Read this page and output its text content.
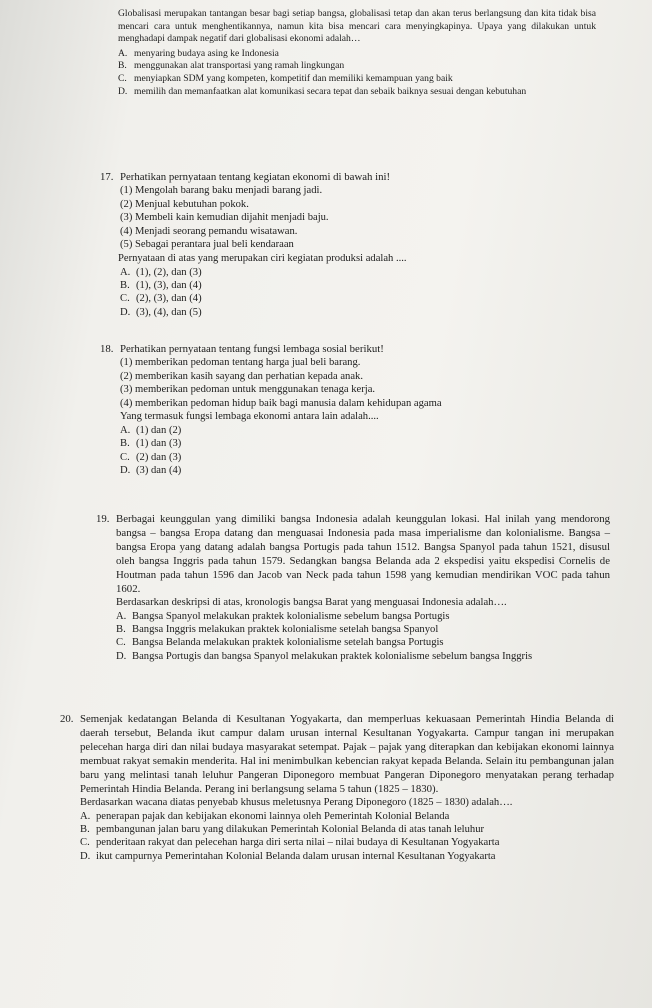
Globalisasi merupakan tantangan besar bagi setiap bangsa, globalisasi tetap dan akan terus berlangsung dan kita tidak bisa mencari cara untuk menghentikannya, namun kita bisa mencari cara menyingkapinya. Upaya yang dilakukan untuk menghadapi dampak negatif dari globalisasi ekonomi adalah…

A. menyaring budaya asing ke Indonesia
B. menggunakan alat transportasi yang ramah lingkungan
C. menyiapkan SDM yang kompeten, kompetitif dan memiliki kemampuan yang baik
D. memilih dan memanfaatkan alat komunikasi secara tepat dan sebaik baiknya sesuai dengan kebutuhan
17. Perhatikan pernyataan tentang kegiatan ekonomi di bawah ini!

(1) Mengolah barang baku menjadi barang jadi.

(2) Menjual kebutuhan pokok.

(3) Membeli kain kemudian dijahit menjadi baju.

(4) Menjadi seorang pemandu wisatawan.

(5) Sebagai perantara jual beli kendaraan

Pernyataan di atas yang merupakan ciri kegiatan produksi adalah ....

A. (1), (2), dan (3)
B. (1), (3), dan (4)
C. (2), (3), dan (4)
D. (3), (4), dan (5)
18. Perhatikan pernyataan tentang fungsi lembaga sosial berikut!

(1) memberikan pedoman tentang harga jual beli barang.

(2) memberikan kasih sayang dan perhatian kepada anak.

(3) memberikan pedoman untuk menggunakan tenaga kerja.

(4) memberikan pedoman hidup baik bagi manusia dalam kehidupan agama

Yang termasuk fungsi lembaga ekonomi antara lain adalah....

A. (1) dan (2)
B. (1) dan (3)
C. (2) dan (3)
D. (3) dan (4)
19. Berbagai keunggulan yang dimiliki bangsa Indonesia adalah keunggulan lokasi. Hal inilah yang mendorong bangsa – bangsa Eropa datang dan menguasai Indonesia pada masa imperialisme dan kolonialisme. Bangsa – bangsa Eropa yang datang adalah bangsa Portugis pada tahun 1512. Bangsa Spanyol pada tahun 1521, disusul oleh bangsa Inggris pada tahun 1579. Sedangkan bangsa Belanda ada 2 ekspedisi yaitu ekspedisi Cornelis de Houtman pada tahun 1596 dan Jacob van Neck pada tahun 1598 yang kemudian mendirikan VOC pada tahun 1602.

Berdasarkan deskripsi di atas, kronologis bangsa Barat yang menguasai Indonesia adalah….

A. Bangsa Spanyol melakukan praktek kolonialisme sebelum bangsa Portugis
B. Bangsa Inggris melakukan praktek kolonialisme setelah bangsa Spanyol
C. Bangsa Belanda melakukan praktek kolonialisme setelah bangsa Portugis
D. Bangsa Portugis dan bangsa Spanyol melakukan praktek kolonialisme sebelum bangsa Inggris
20. Semenjak kedatangan Belanda di Kesultanan Yogyakarta, dan memperluas kekuasaan Pemerintah Hindia Belanda di daerah tersebut, Belanda ikut campur dalam urusan internal Kesultanan Yogyakarta. Campur tangan ini merupakan pelecehan harga diri dan nilai budaya masyarakat setempat. Pajak – pajak yang diterapkan dan kebijakan ekonomi lainnya membuat rakyat semakin menderita. Hal ini menimbulkan kebencian rakyat kepada Belanda. Selain itu pembangunan jalan baru yang melintasi tanah leluhur Pangeran Diponegoro membuat Pangeran Diponegoro menyatakan perang terhadap Pemerintah Hindia Belanda. Perang ini berlangsung selama 5 tahun (1825 – 1830).

Berdasarkan wacana diatas penyebab khusus meletusnya Perang Diponegoro (1825 – 1830) adalah….

A. penerapan pajak dan kebijakan ekonomi lainnya oleh Pemerintah Kolonial Belanda
B. pembangunan jalan baru yang dilakukan Pemerintah Kolonial Belanda di atas tanah leluhur
C. penderitaan rakyat dan pelecehan harga diri serta nilai – nilai budaya di Kesultanan Yogyakarta
D. ikut campurnya Pemerintahan Kolonial Belanda dalam urusan internal Kesultanan Yogyakarta
